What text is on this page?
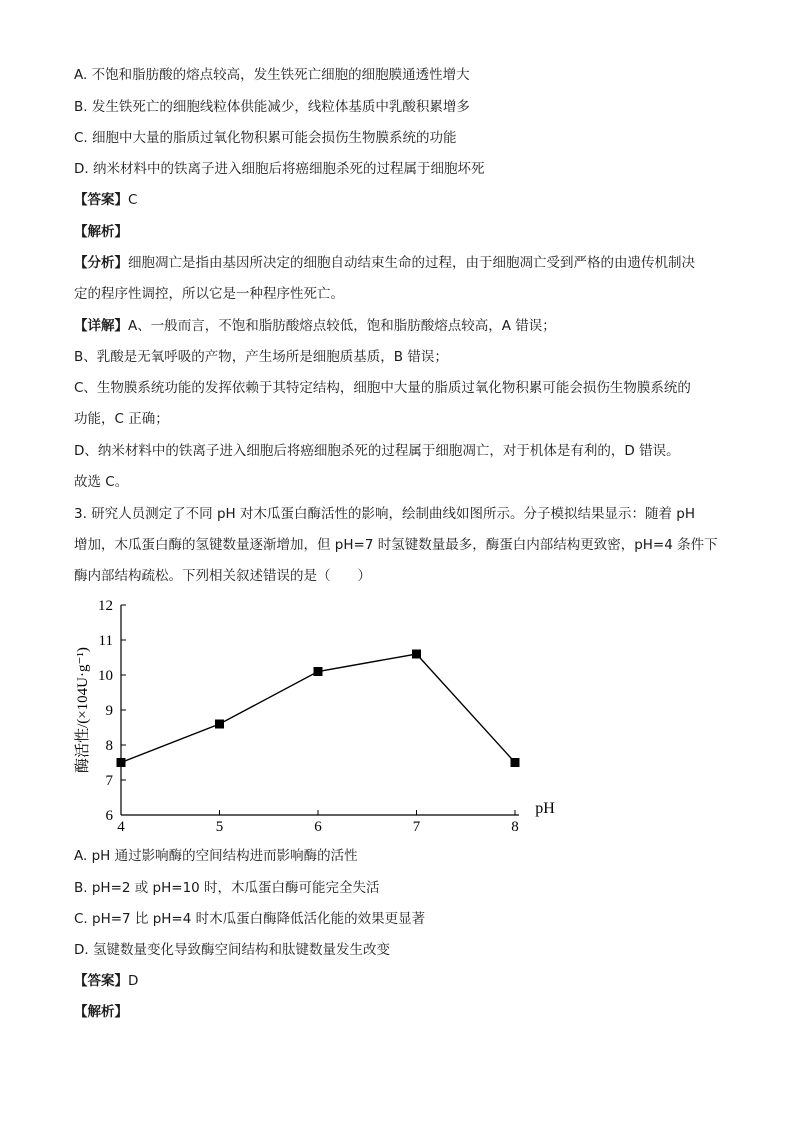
A. 不饱和脂肪酸的熔点较高，发生铁死亡细胞的细胞膜通透性增大
B. 发生铁死亡的细胞线粒体供能减少，线粒体基质中乳酸积累增多
C. 细胞中大量的脂质过氧化物积累可能会损伤生物膜系统的功能
D. 纳米材料中的铁离子进入细胞后将癌细胞杀死的过程属于细胞坏死
【答案】C
【解析】
【分析】细胞凋亡是指由基因所决定的细胞自动结束生命的过程，由于细胞凋亡受到严格的由遗传机制决
定的程序性调控，所以它是一种程序性死亡。
【详解】A、一般而言，不饱和脂肪酸熔点较低，饱和脂肪酸熔点较高，A 错误；
B、乳酸是无氧呼吸的产物，产生场所是细胞质基质，B 错误；
C、生物膜系统功能的发挥依赖于其特定结构，细胞中大量的脂质过氧化物积累可能会损伤生物膜系统的
功能，C 正确；
D、纳米材料中的铁离子进入细胞后将癌细胞杀死的过程属于细胞凋亡，对于机体是有利的，D 错误。
故选 C。
3. 研究人员测定了不同 pH 对木瓜蛋白酶活性的影响，绘制曲线如图所示。分子模拟结果显示：随着 pH
增加，木瓜蛋白酶的氢键数量逐渐增加，但 pH=7 时氢键数量最多，酶蛋白内部结构更致密，pH=4 条件下
酶内部结构疏松。下列相关叙述错误的是（　　）
6
7
8
9
10
11
12
4	5	6	7	8
pH
酶活性/(×104U·g⁻¹)
A. pH 通过影响酶的空间结构进而影响酶的活性
B. pH=2 或 pH=10 时，木瓜蛋白酶可能完全失活
C. pH=7 比 pH=4 时木瓜蛋白酶降低活化能的效果更显著
D. 氢键数量变化导致酶空间结构和肽键数量发生改变
【答案】D
【解析】
